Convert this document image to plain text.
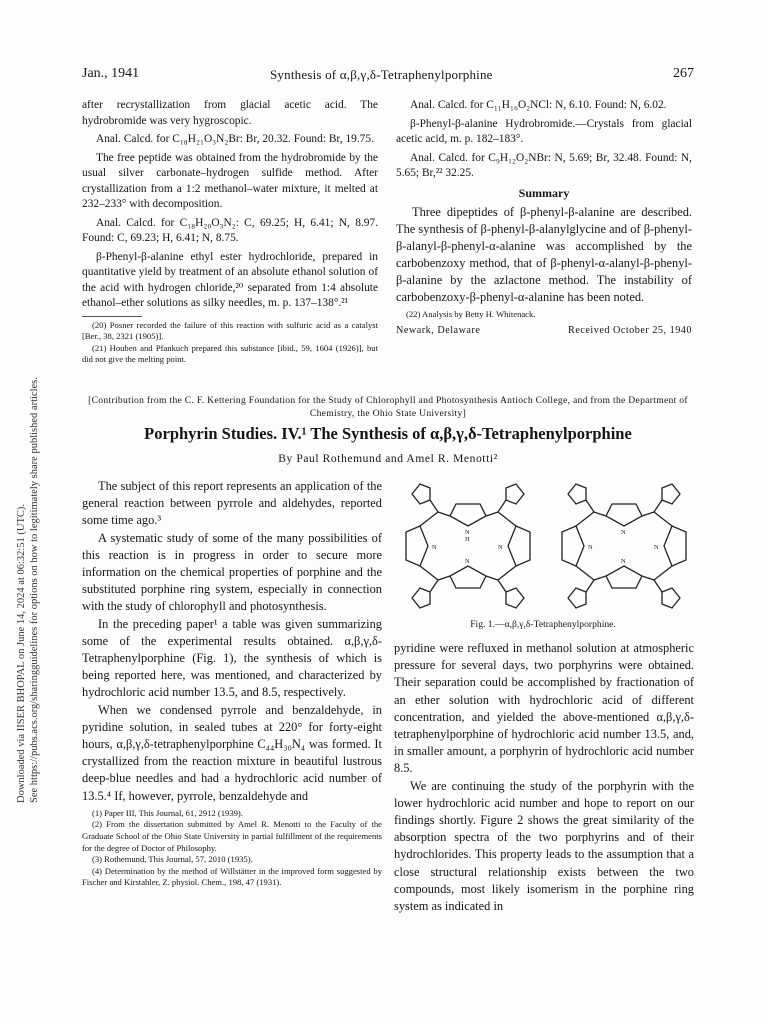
Downloaded via IISER BHOPAL on June 14, 2024 at 06:32:51 (UTC). See https://pubs.acs.org/sharingguidelines for options on how to legitimately share published articles.
Jan., 1941	Synthesis of α,β,γ,δ-Tetraphenylporphine	267

after recrystallization from glacial acetic acid. The hydrobromide was very hygroscopic.

Anal. Calcd. for C₁₈H₂₁O₃N₂Br: Br, 20.32. Found: Br, 19.75.

The free peptide was obtained from the hydrobromide by the usual silver carbonate–hydrogen sulfide method. After crystallization from a 1:2 methanol–water mixture, it melted at 232–233° with decomposition.

Anal. Calcd. for C₁₈H₂₀O₃N₂: C, 69.25; H, 6.41; N, 8.97. Found: C, 69.23; H, 6.41; N, 8.75.

β-Phenyl-β-alanine ethyl ester hydrochloride, prepared in quantitative yield by treatment of an absolute ethanol solution of the acid with hydrogen chloride,²⁰ separated from 1:4 absolute ethanol–ether solutions as silky needles, m. p. 137–138°.²¹

(20) Posner recorded the failure of this reaction with sulfuric acid as a catalyst [Ber., 38, 2321 (1905)].

(21) Houben and Pfankuch prepared this substance [ibid., 59, 1604 (1926)], but did not give the melting point.

Anal. Calcd. for C₁₁H₁₆O₂NCl: N, 6.10. Found: N, 6.02.

β-Phenyl-β-alanine Hydrobromide.—Crystals from glacial acetic acid, m. p. 182–183°.

Anal. Calcd. for C₉H₁₂O₂NBr: N, 5.69; Br, 32.48. Found: N, 5.65; Br,²² 32.25.

Summary

Three dipeptides of β-phenyl-β-alanine are described. The synthesis of β-phenyl-β-alanylglycine and of β-phenyl-β-alanyl-β-phenyl-α-alanine was accomplished by the carbobenzoxy method, that of β-phenyl-α-alanyl-β-phenyl-β-alanine by the azlactone method. The instability of carbobenzoxy-β-phenyl-α-alanine has been noted.

(22) Analysis by Betty H. Whitenack.

Newark, Delaware	Received October 25, 1940
[Contribution from the C. F. Kettering Foundation for the Study of Chlorophyll and Photosynthesis Antioch College, and from the Department of Chemistry, the Ohio State University]
Porphyrin Studies. IV.¹ The Synthesis of α,β,γ,δ-Tetraphenylporphine
By Paul Rothemund and Amel R. Menotti²

The subject of this report represents an application of the general reaction between pyrrole and aldehydes, reported some time ago.³

A systematic study of some of the many possibilities of this reaction is in progress in order to secure more information on the chemical properties of porphine and the substituted porphine ring system, especially in connection with the study of chlorophyll and photosynthesis.

In the preceding paper¹ a table was given summarizing some of the experimental results obtained. α,β,γ,δ-Tetraphenylporphine (Fig. 1), the synthesis of which is being reported here, was mentioned, and characterized by hydrochloric acid number 13.5, and 8.5, respectively.

When we condensed pyrrole and benzaldehyde, in pyridine solution, in sealed tubes at 220° for forty-eight hours, α,β,γ,δ-tetraphenylporphine C₄₄H₃₀N₄ was formed. It crystallized from the reaction mixture in beautiful lustrous deep-blue needles and had a hydrochloric acid number of 13.5.⁴ If, however, pyrrole, benzaldehyde and

(1) Paper III, This Journal, 61, 2912 (1939).

(2) From the dissertation submitted by Amel R. Menotti to the Faculty of the Graduate School of the Ohio State University in partial fulfillment of the requirements for the degree of Doctor of Philosophy.

(3) Rothemund, This Journal, 57, 2010 (1935).

(4) Determination by the method of Willstätter in the improved form suggested by Fischer and Kirstahler, Z. physiol. Chem., 198, 47 (1931).

N
H
N	N
N
N
N	N
N
Fig. 1.—α,β,γ,δ-Tetraphenylporphine.

pyridine were refluxed in methanol solution at atmospheric pressure for several days, two porphyrins were obtained. Their separation could be accomplished by fractionation of an ether solution with hydrochloric acid of different concentration, and yielded the above-mentioned α,β,γ,δ-tetraphenylporphine of hydrochloric acid number 13.5, and, in smaller amount, a porphyrin of hydrochloric acid number 8.5.

We are continuing the study of the porphyrin with the lower hydrochloric acid number and hope to report on our findings shortly. Figure 2 shows the great similarity of the absorption spectra of the two porphyrins and of their hydrochlorides. This property leads to the assumption that a close structural relationship exists between the two compounds, most likely isomerism in the porphine ring system as indicated in
